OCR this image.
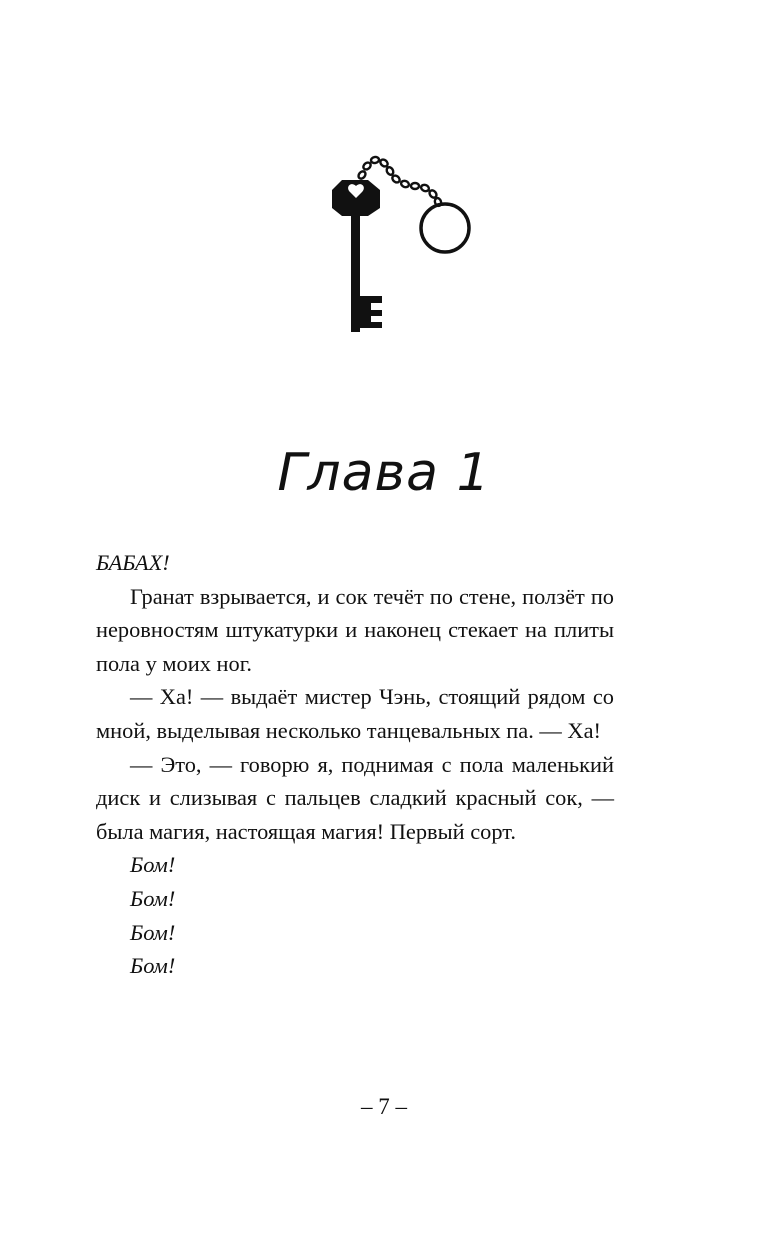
Глава 1

БАБАХ!

Гранат взрывается, и сок течёт по стене, ползёт по неровностям штукатурки и наконец стекает на плиты пола у моих ног.

— Ха! — выдаёт мистер Чэнь, стоящий рядом со мной, выделывая несколько танцевальных па. — Ха!

— Это, — говорю я, поднимая с пола маленький диск и слизывая с пальцев сладкий красный сок, — была магия, настоящая магия! Первый сорт.

Бом!

Бом!

Бом!

Бом!

– 7 –
